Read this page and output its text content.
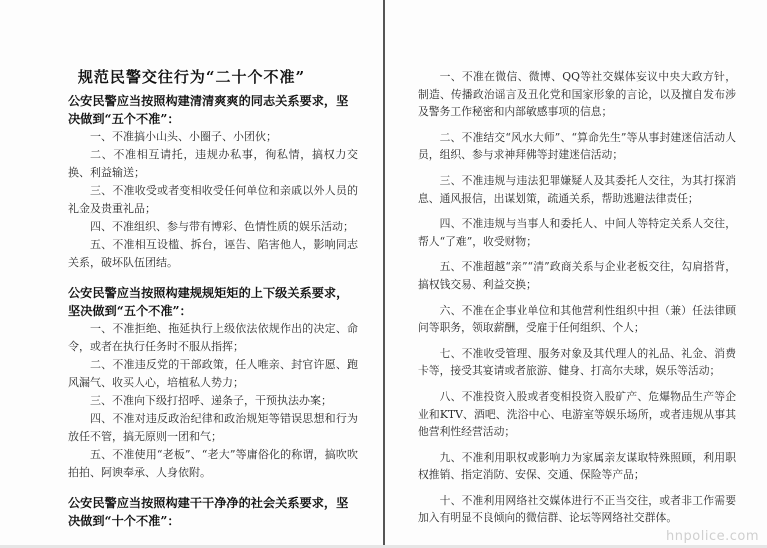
规范民警交往行为“二十个不准”

公安民警应当按照构建清清爽爽的同志关系要求，坚决做到“五个不准”：

一、不准搞小山头、小圈子、小团伙；

二、不准相互请托，违规办私事，徇私情，搞权力交换、利益输送；

三、不准收受或者变相收受任何单位和亲戚以外人员的礼金及贵重礼品；

四、不准组织、参与带有博彩、色情性质的娱乐活动；

五、不准相互设槛、拆台，诬告、陷害他人，影响同志关系，破坏队伍团结。

公安民警应当按照构建规规矩矩的上下级关系要求，坚决做到“五个不准”：

一、不准拒绝、拖延执行上级依法依规作出的决定、命令，或者在执行任务时不服从指挥；

二、不准违反党的干部政策，任人唯亲、封官许愿、跑风漏气、收买人心，培植私人势力；

三、不准向下级打招呼、递条子，干预执法办案；

四、不准对违反政治纪律和政治规矩等错误思想和行为放任不管，搞无原则一团和气；

五、不准使用“老板”、“老大”等庸俗化的称谓，搞吹吹拍拍、阿谀奉承、人身依附。

公安民警应当按照构建干干净净的社会关系要求，坚决做到“十个不准”：

一、不准在微信、微博、QQ等社交媒体妄议中央大政方针，制造、传播政治谣言及丑化党和国家形象的言论，以及擅自发布涉及警务工作秘密和内部敏感事项的信息；

二、不准结交“风水大师”、“算命先生”等从事封建迷信活动人员，组织、参与求神拜佛等封建迷信活动；

三、不准违规与违法犯罪嫌疑人及其委托人交往，为其打探消息、通风报信，出谋划策，疏通关系，帮助逃避法律责任；

四、不准违规与当事人和委托人、中间人等特定关系人交往，帮人“了难”，收受财物；

五、不准超越“亲”“清”政商关系与企业老板交往，勾肩搭背，搞权钱交易、利益交换；

六、不准在企事业单位和其他营利性组织中担（兼）任法律顾问等职务，领取薪酬，受雇于任何组织、个人；

七、不准收受管理、服务对象及其代理人的礼品、礼金、消费卡等，接受其宴请或者旅游、健身、打高尔夫球，娱乐等活动；

八、不准投资入股或者变相投资入股矿产、危爆物品生产等企业和KTV、酒吧、洗浴中心、电游室等娱乐场所，或者违规从事其他营利性经营活动；

九、不准利用职权或影响力为家属亲友谋取特殊照顾，利用职权推销、指定消防、安保、交通、保险等产品；

十、不准利用网络社交媒体进行不正当交往，或者非工作需要加入有明显不良倾向的微信群、论坛等网络社交群体。

hnpolice.com
